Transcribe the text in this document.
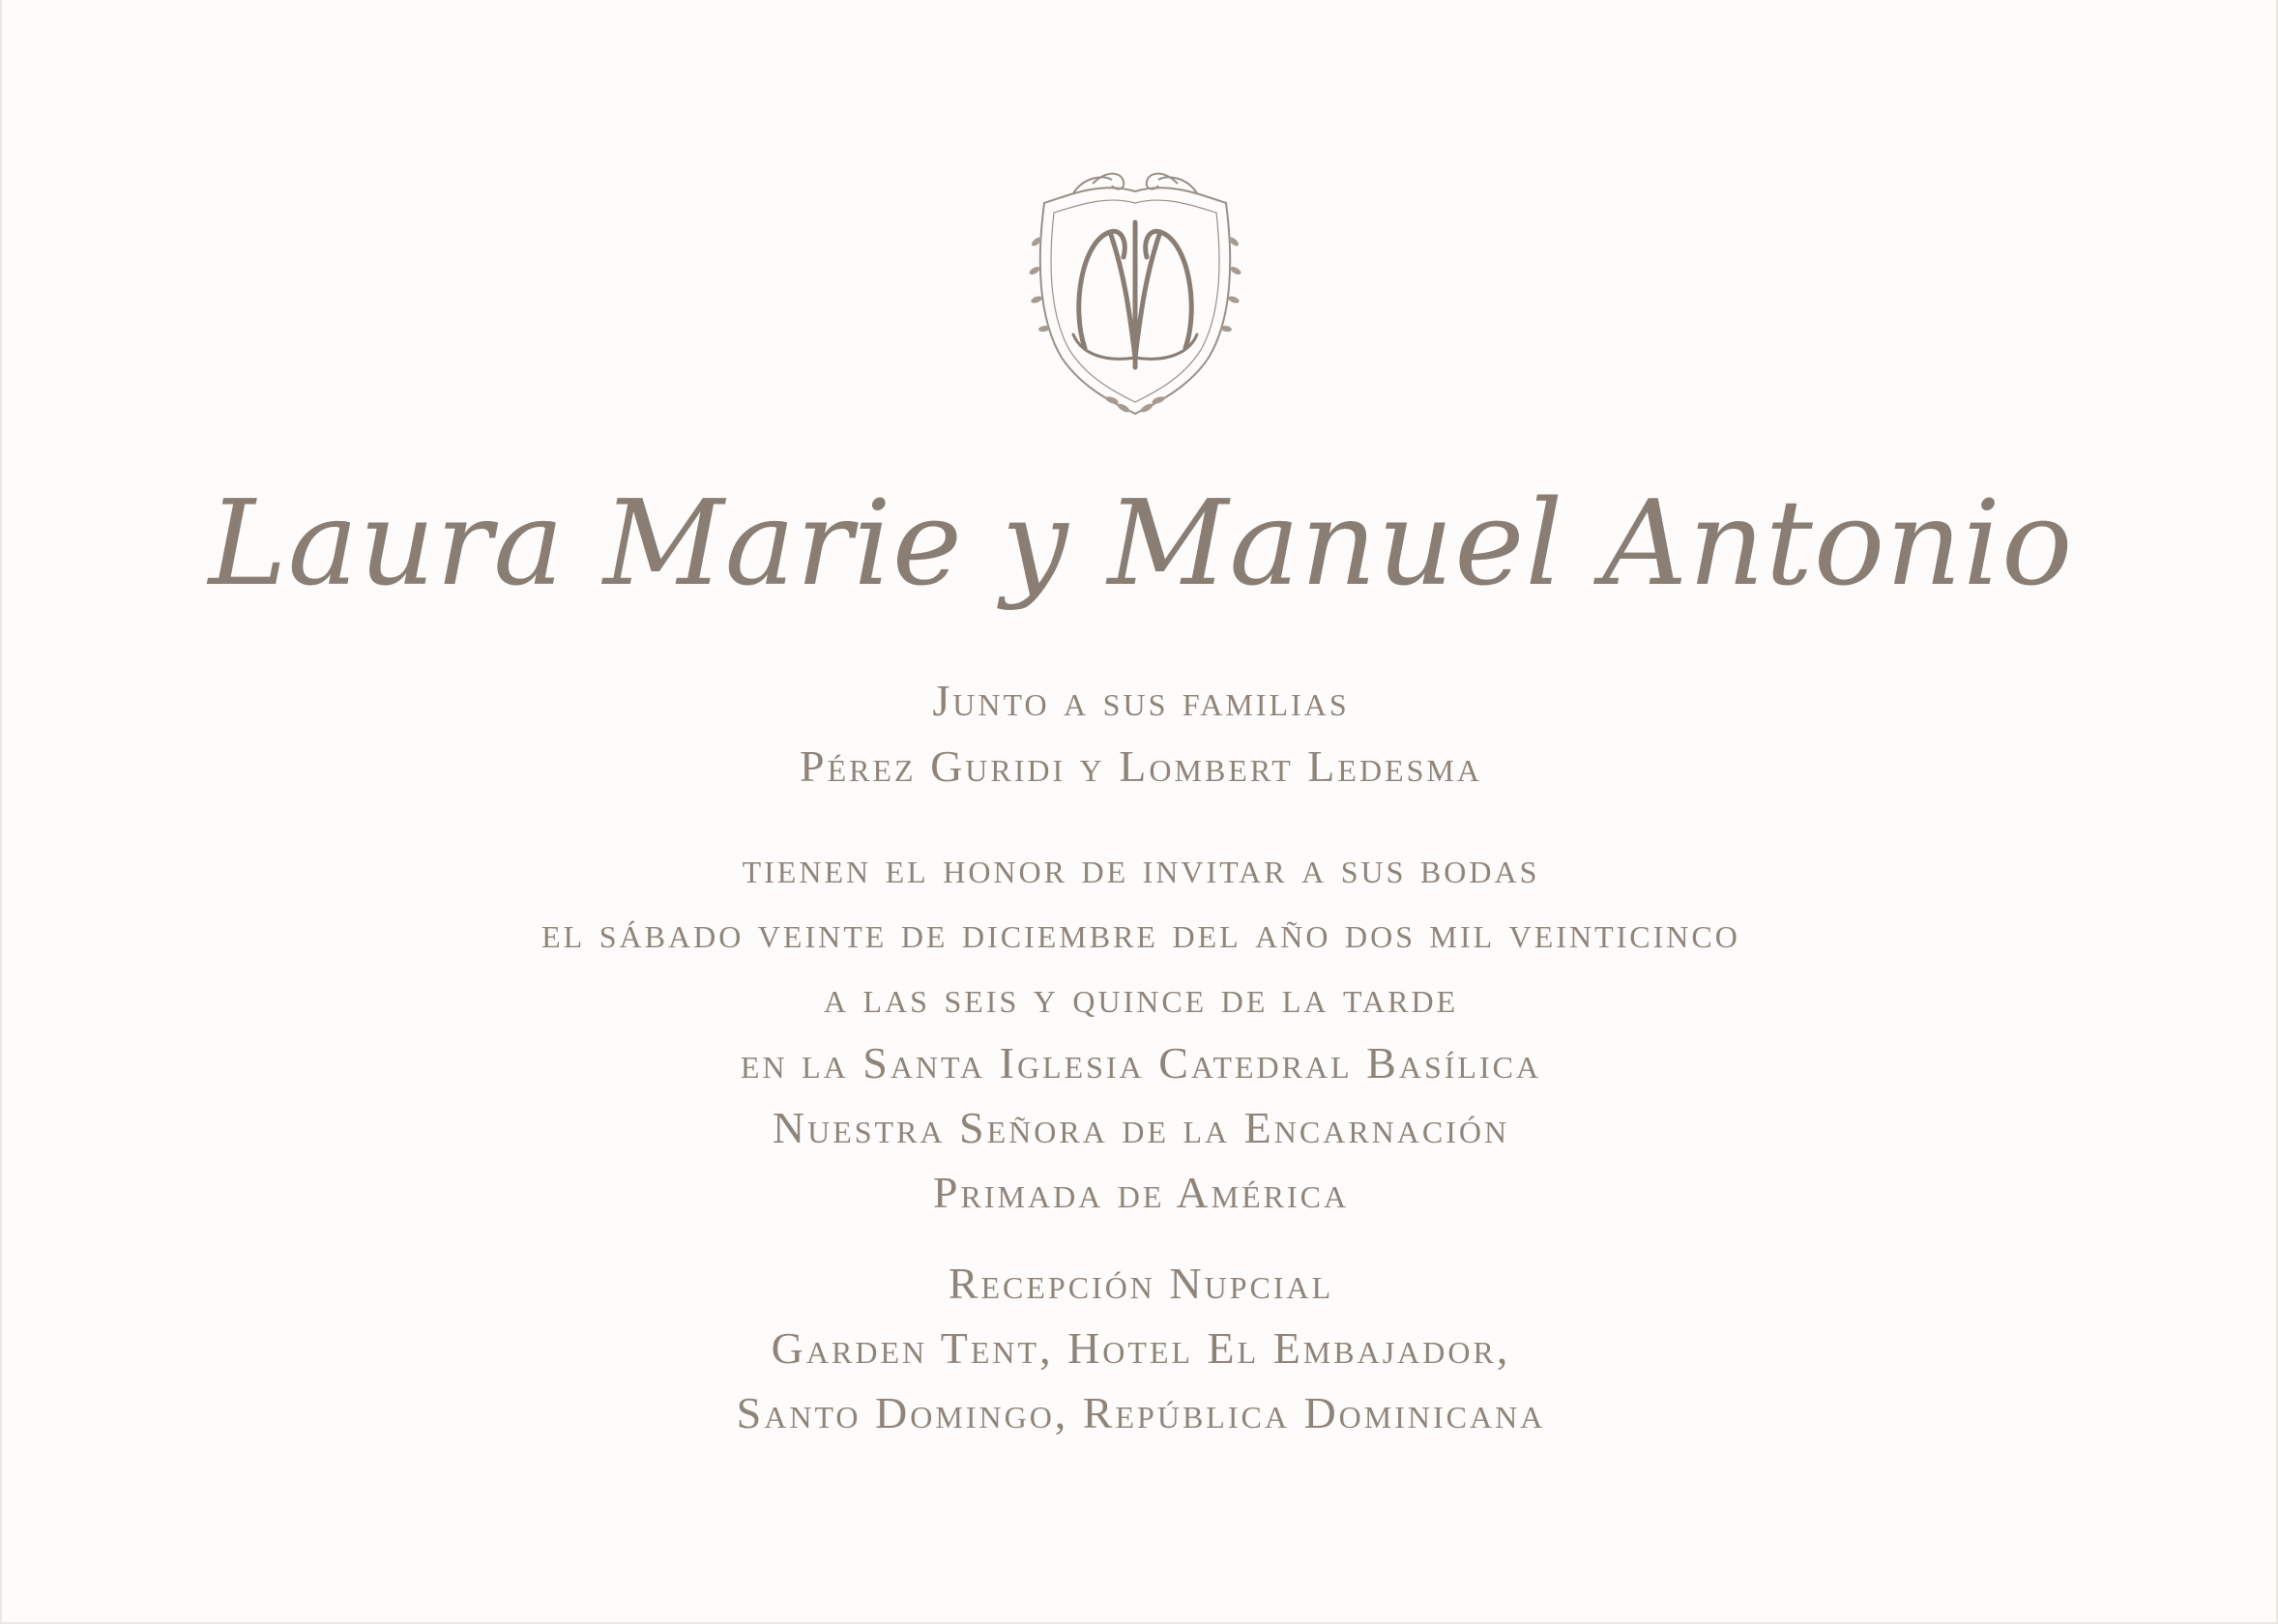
Laura Marie y Manuel Antonio
Junto a sus familias
Pérez Guridi y Lombert Ledesma
tienen el honor de invitar a sus bodas
el sábado veinte de diciembre del año dos mil veinticinco
a las seis y quince de la tarde
en la Santa Iglesia Catedral Basílica
Nuestra Señora de la Encarnación
Primada de América
Recepción Nupcial
Garden Tent, Hotel El Embajador,
Santo Domingo, República Dominicana
